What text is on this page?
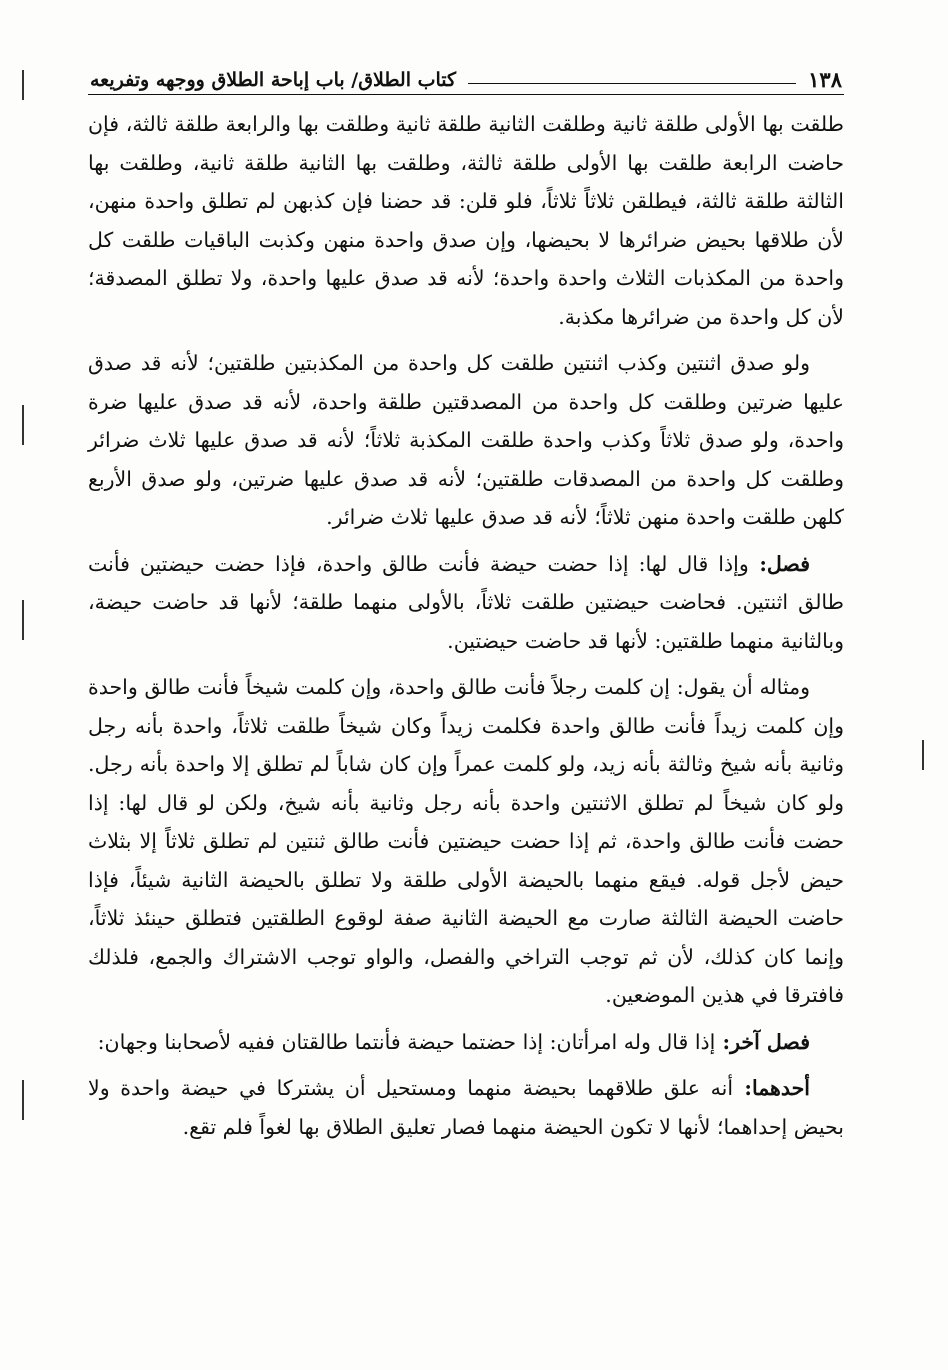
١٣٨
كتاب الطلاق/ باب إباحة الطلاق ووجهه وتفريعه

طلقت بها الأولى طلقة ثانية وطلقت الثانية طلقة ثانية وطلقت بها والرابعة طلقة ثالثة، فإن حاضت الرابعة طلقت بها الأولى طلقة ثالثة، وطلقت بها الثانية طلقة ثانية، وطلقت بها الثالثة طلقة ثالثة، فيطلقن ثلاثاً ثلاثاً، فلو قلن: قد حضنا فإن كذبهن لم تطلق واحدة منهن، لأن طلاقها بحيض ضرائرها لا بحيضها، وإن صدق واحدة منهن وكذبت الباقيات طلقت كل واحدة من المكذبات الثلاث واحدة واحدة؛ لأنه قد صدق عليها واحدة، ولا تطلق المصدقة؛ لأن كل واحدة من ضرائرها مكذبة.

ولو صدق اثنتين وكذب اثنتين طلقت كل واحدة من المكذبتين طلقتين؛ لأنه قد صدق عليها ضرتين وطلقت كل واحدة من المصدقتين طلقة واحدة، لأنه قد صدق عليها ضرة واحدة، ولو صدق ثلاثاً وكذب واحدة طلقت المكذبة ثلاثاً؛ لأنه قد صدق عليها ثلاث ضرائر وطلقت كل واحدة من المصدقات طلقتين؛ لأنه قد صدق عليها ضرتين، ولو صدق الأربع كلهن طلقت واحدة منهن ثلاثاً؛ لأنه قد صدق عليها ثلاث ضرائر.

فصل: وإذا قال لها: إذا حضت حيضة فأنت طالق واحدة، فإذا حضت حيضتين فأنت طالق اثنتين. فحاضت حيضتين طلقت ثلاثاً، بالأولى منهما طلقة؛ لأنها قد حاضت حيضة، وبالثانية منهما طلقتين: لأنها قد حاضت حيضتين.

ومثاله أن يقول: إن كلمت رجلاً فأنت طالق واحدة، وإن كلمت شيخاً فأنت طالق واحدة وإن كلمت زيداً فأنت طالق واحدة فكلمت زيداً وكان شيخاً طلقت ثلاثاً، واحدة بأنه رجل وثانية بأنه شيخ وثالثة بأنه زيد، ولو كلمت عمراً وإن كان شاباً لم تطلق إلا واحدة بأنه رجل. ولو كان شيخاً لم تطلق الاثنتين واحدة بأنه رجل وثانية بأنه شيخ، ولكن لو قال لها: إذا حضت فأنت طالق واحدة، ثم إذا حضت حيضتين فأنت طالق ثنتين لم تطلق ثلاثاً إلا بثلاث حيض لأجل قوله. فيقع منهما بالحيضة الأولى طلقة ولا تطلق بالحيضة الثانية شيئاً، فإذا حاضت الحيضة الثالثة صارت مع الحيضة الثانية صفة لوقوع الطلقتين فتطلق حينئذ ثلاثاً، وإنما كان كذلك، لأن ثم توجب التراخي والفصل، والواو توجب الاشتراك والجمع، فلذلك فافترقا في هذين الموضعين.

فصل آخر: إذا قال وله امرأتان: إذا حضتما حيضة فأنتما طالقتان ففيه لأصحابنا وجهان:

أحدهما: أنه علق طلاقهما بحيضة منهما ومستحيل أن يشتركا في حيضة واحدة ولا بحيض إحداهما؛ لأنها لا تكون الحيضة منهما فصار تعليق الطلاق بها لغواً فلم تقع.
